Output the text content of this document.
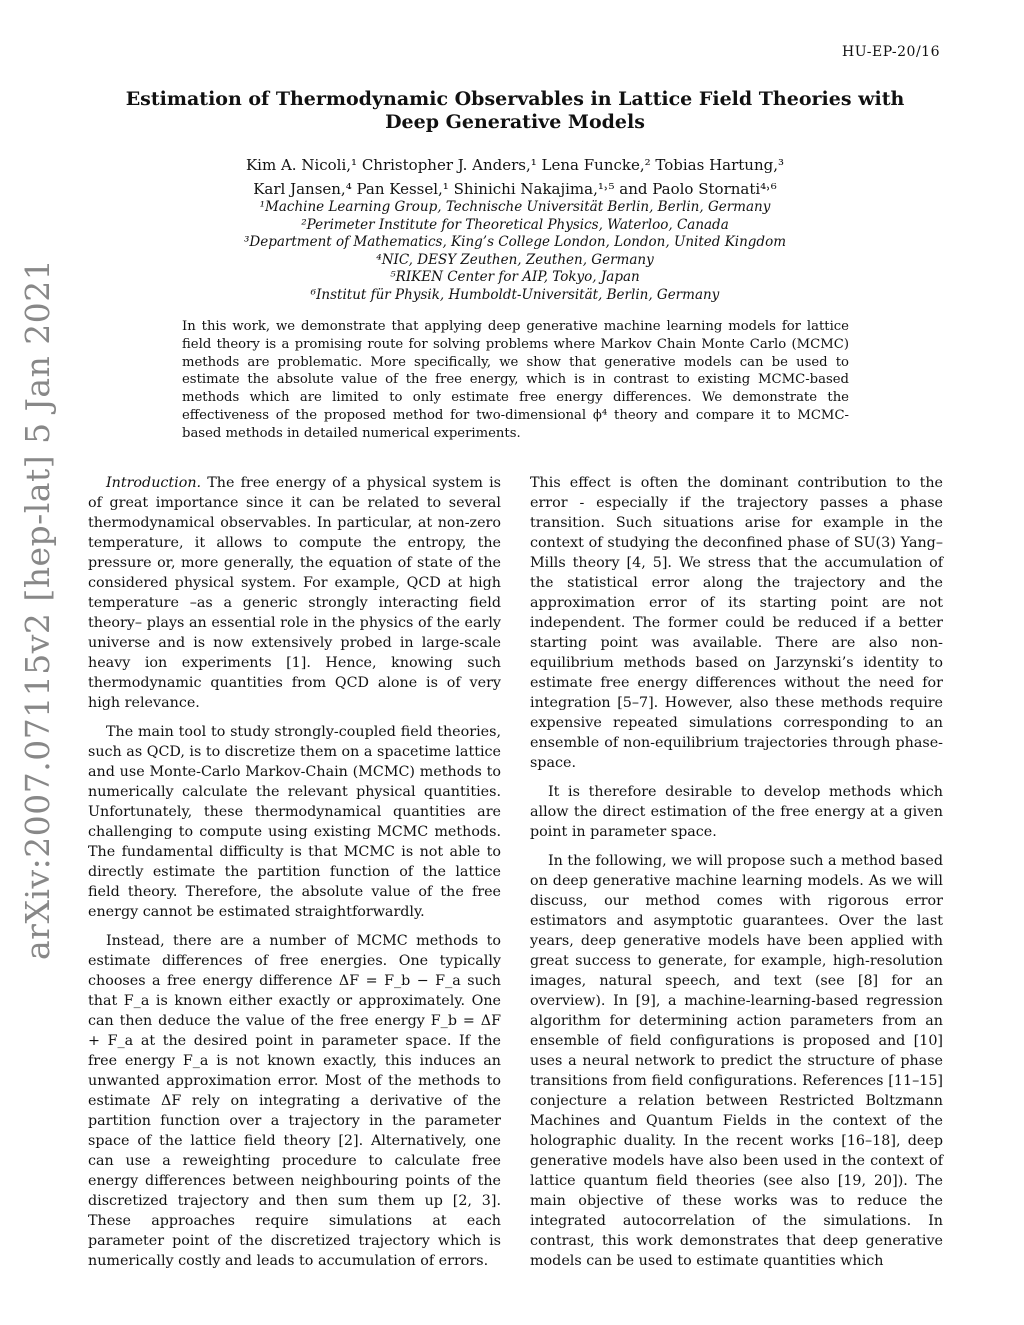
HU-EP-20/16
arXiv:2007.07115v2 [hep-lat] 5 Jan 2021
Estimation of Thermodynamic Observables in Lattice Field Theories with Deep Generative Models
Kim A. Nicoli,¹ Christopher J. Anders,¹ Lena Funcke,² Tobias Hartung,³
Karl Jansen,⁴ Pan Kessel,¹ Shinichi Nakajima,¹˒⁵ and Paolo Stornati⁴˒⁶
¹Machine Learning Group, Technische Universität Berlin, Berlin, Germany
²Perimeter Institute for Theoretical Physics, Waterloo, Canada
³Department of Mathematics, King’s College London, London, United Kingdom
⁴NIC, DESY Zeuthen, Zeuthen, Germany
⁵RIKEN Center for AIP, Tokyo, Japan
⁶Institut für Physik, Humboldt-Universität, Berlin, Germany
In this work, we demonstrate that applying deep generative machine learning models for lattice field theory is a promising route for solving problems where Markov Chain Monte Carlo (MCMC) methods are problematic. More specifically, we show that generative models can be used to estimate the absolute value of the free energy, which is in contrast to existing MCMC-based methods which are limited to only estimate free energy differences. We demonstrate the effectiveness of the proposed method for two-dimensional ϕ⁴ theory and compare it to MCMC-based methods in detailed numerical experiments.

Introduction. The free energy of a physical system is of great importance since it can be related to several thermodynamical observables. In particular, at non-zero temperature, it allows to compute the entropy, the pressure or, more generally, the equation of state of the considered physical system. For example, QCD at high temperature –as a generic strongly interacting field theory– plays an essential role in the physics of the early universe and is now extensively probed in large-scale heavy ion experiments [1]. Hence, knowing such thermodynamic quantities from QCD alone is of very high relevance.

The main tool to study strongly-coupled field theories, such as QCD, is to discretize them on a spacetime lattice and use Monte-Carlo Markov-Chain (MCMC) methods to numerically calculate the relevant physical quantities. Unfortunately, these thermodynamical quantities are challenging to compute using existing MCMC methods. The fundamental difficulty is that MCMC is not able to directly estimate the partition function of the lattice field theory. Therefore, the absolute value of the free energy cannot be estimated straightforwardly.

Instead, there are a number of MCMC methods to estimate differences of free energies. One typically chooses a free energy difference ΔF = F_b − F_a such that F_a is known either exactly or approximately. One can then deduce the value of the free energy F_b = ΔF + F_a at the desired point in parameter space. If the free energy F_a is not known exactly, this induces an unwanted approximation error. Most of the methods to estimate ΔF rely on integrating a derivative of the partition function over a trajectory in the parameter space of the lattice field theory [2]. Alternatively, one can use a reweighting procedure to calculate free energy differences between neighbouring points of the discretized trajectory and then sum them up [2, 3]. These approaches require simulations at each parameter point of the discretized trajectory which is numerically costly and leads to accumulation of errors.

This effect is often the dominant contribution to the error - especially if the trajectory passes a phase transition. Such situations arise for example in the context of studying the deconfined phase of SU(3) Yang–Mills theory [4, 5]. We stress that the accumulation of the statistical error along the trajectory and the approximation error of its starting point are not independent. The former could be reduced if a better starting point was available. There are also non-equilibrium methods based on Jarzynski’s identity to estimate free energy differences without the need for integration [5–7]. However, also these methods require expensive repeated simulations corresponding to an ensemble of non-equilibrium trajectories through phase-space.

It is therefore desirable to develop methods which allow the direct estimation of the free energy at a given point in parameter space.

In the following, we will propose such a method based on deep generative machine learning models. As we will discuss, our method comes with rigorous error estimators and asymptotic guarantees. Over the last years, deep generative models have been applied with great success to generate, for example, high-resolution images, natural speech, and text (see [8] for an overview). In [9], a machine-learning-based regression algorithm for determining action parameters from an ensemble of field configurations is proposed and [10] uses a neural network to predict the structure of phase transitions from field configurations. References [11–15] conjecture a relation between Restricted Boltzmann Machines and Quantum Fields in the context of the holographic duality. In the recent works [16–18], deep generative models have also been used in the context of lattice quantum field theories (see also [19, 20]). The main objective of these works was to reduce the integrated autocorrelation of the simulations. In contrast, this work demonstrates that deep generative models can be used to estimate quantities which
